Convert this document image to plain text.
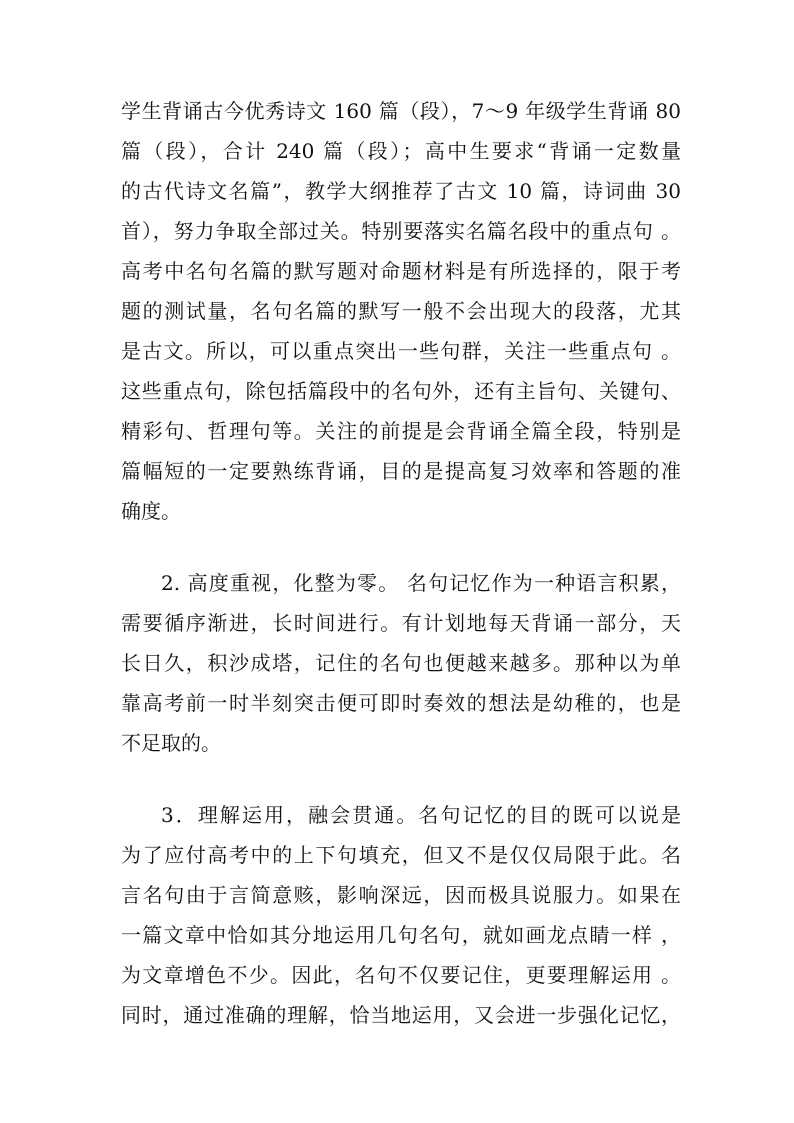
学生背诵古今优秀诗文 160 篇（段），7～9 年级学生背诵 80
篇（段），合计 240 篇（段）；高中生要求“背诵一定数量
的古代诗文名篇”，教学大纲推荐了古文 10 篇，诗词曲 30
首），努力争取全部过关。特别要落实名篇名段中的重点句 。
高考中名句名篇的默写题对命题材料是有所选择的，限于考
题的测试量，名句名篇的默写一般不会出现大的段落，尤其
是古文。所以，可以重点突出一些句群，关注一些重点句 。
这些重点句，除包括篇段中的名句外，还有主旨句、关键句、
精彩句、哲理句等。关注的前提是会背诵全篇全段，特别是
篇幅短的一定要熟练背诵，目的是提高复习效率和答题的准
确度。
2. 高度重视，化整为零。 名句记忆作为一种语言积累，
需要循序渐进，长时间进行。有计划地每天背诵一部分，天
长日久，积沙成塔，记住的名句也便越来越多。那种以为单
靠高考前一时半刻突击便可即时奏效的想法是幼稚的，也是
不足取的。
3．理解运用，融会贯通。名句记忆的目的既可以说是
为了应付高考中的上下句填充，但又不是仅仅局限于此。名
言名句由于言简意赅，影响深远，因而极具说服力。如果在
一篇文章中恰如其分地运用几句名句，就如画龙点睛一样 ，
为文章增色不少。因此，名句不仅要记住，更要理解运用 。
同时，通过准确的理解，恰当地运用，又会进一步强化记忆，
